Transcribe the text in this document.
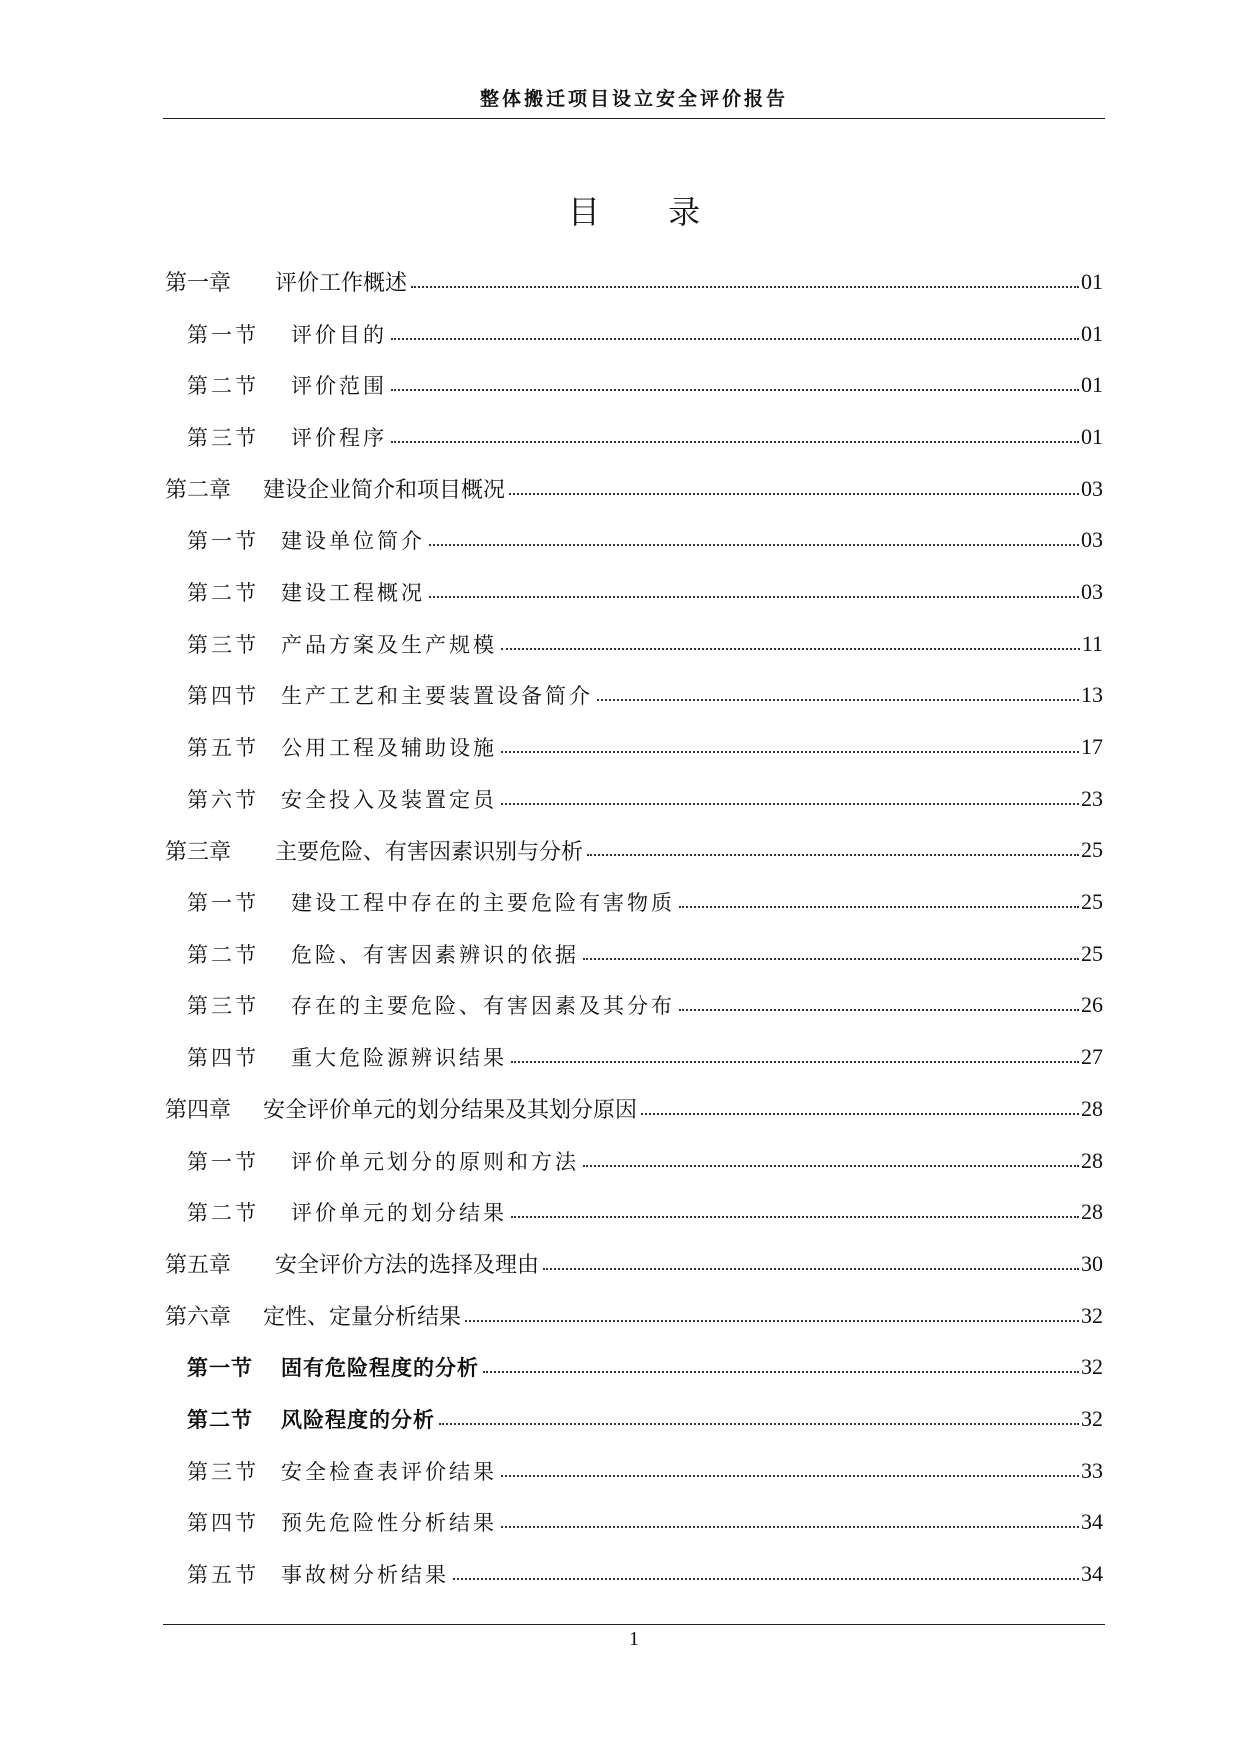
整体搬迁项目设立安全评价报告
目 录
第一章	评价工作概述	01
第一节	评价目的	01
第二节	评价范围	01
第三节	评价程序	01
第二章	建设企业简介和项目概况	03
第一节	建设单位简介	03
第二节	建设工程概况	03
第三节	产品方案及生产规模	11
第四节	生产工艺和主要装置设备简介	13
第五节	公用工程及辅助设施	17
第六节	安全投入及装置定员	23
第三章	主要危险、有害因素识别与分析	25
第一节	建设工程中存在的主要危险有害物质	25
第二节	危险、有害因素辨识的依据	25
第三节	存在的主要危险、有害因素及其分布	26
第四节	重大危险源辨识结果	27
第四章	安全评价单元的划分结果及其划分原因	28
第一节	评价单元划分的原则和方法	28
第二节	评价单元的划分结果	28
第五章	安全评价方法的选择及理由	30
第六章	定性、定量分析结果	32
第一节	固有危险程度的分析	32
第二节	风险程度的分析	32
第三节	安全检查表评价结果	33
第四节	预先危险性分析结果	34
第五节	事故树分析结果	34
1
